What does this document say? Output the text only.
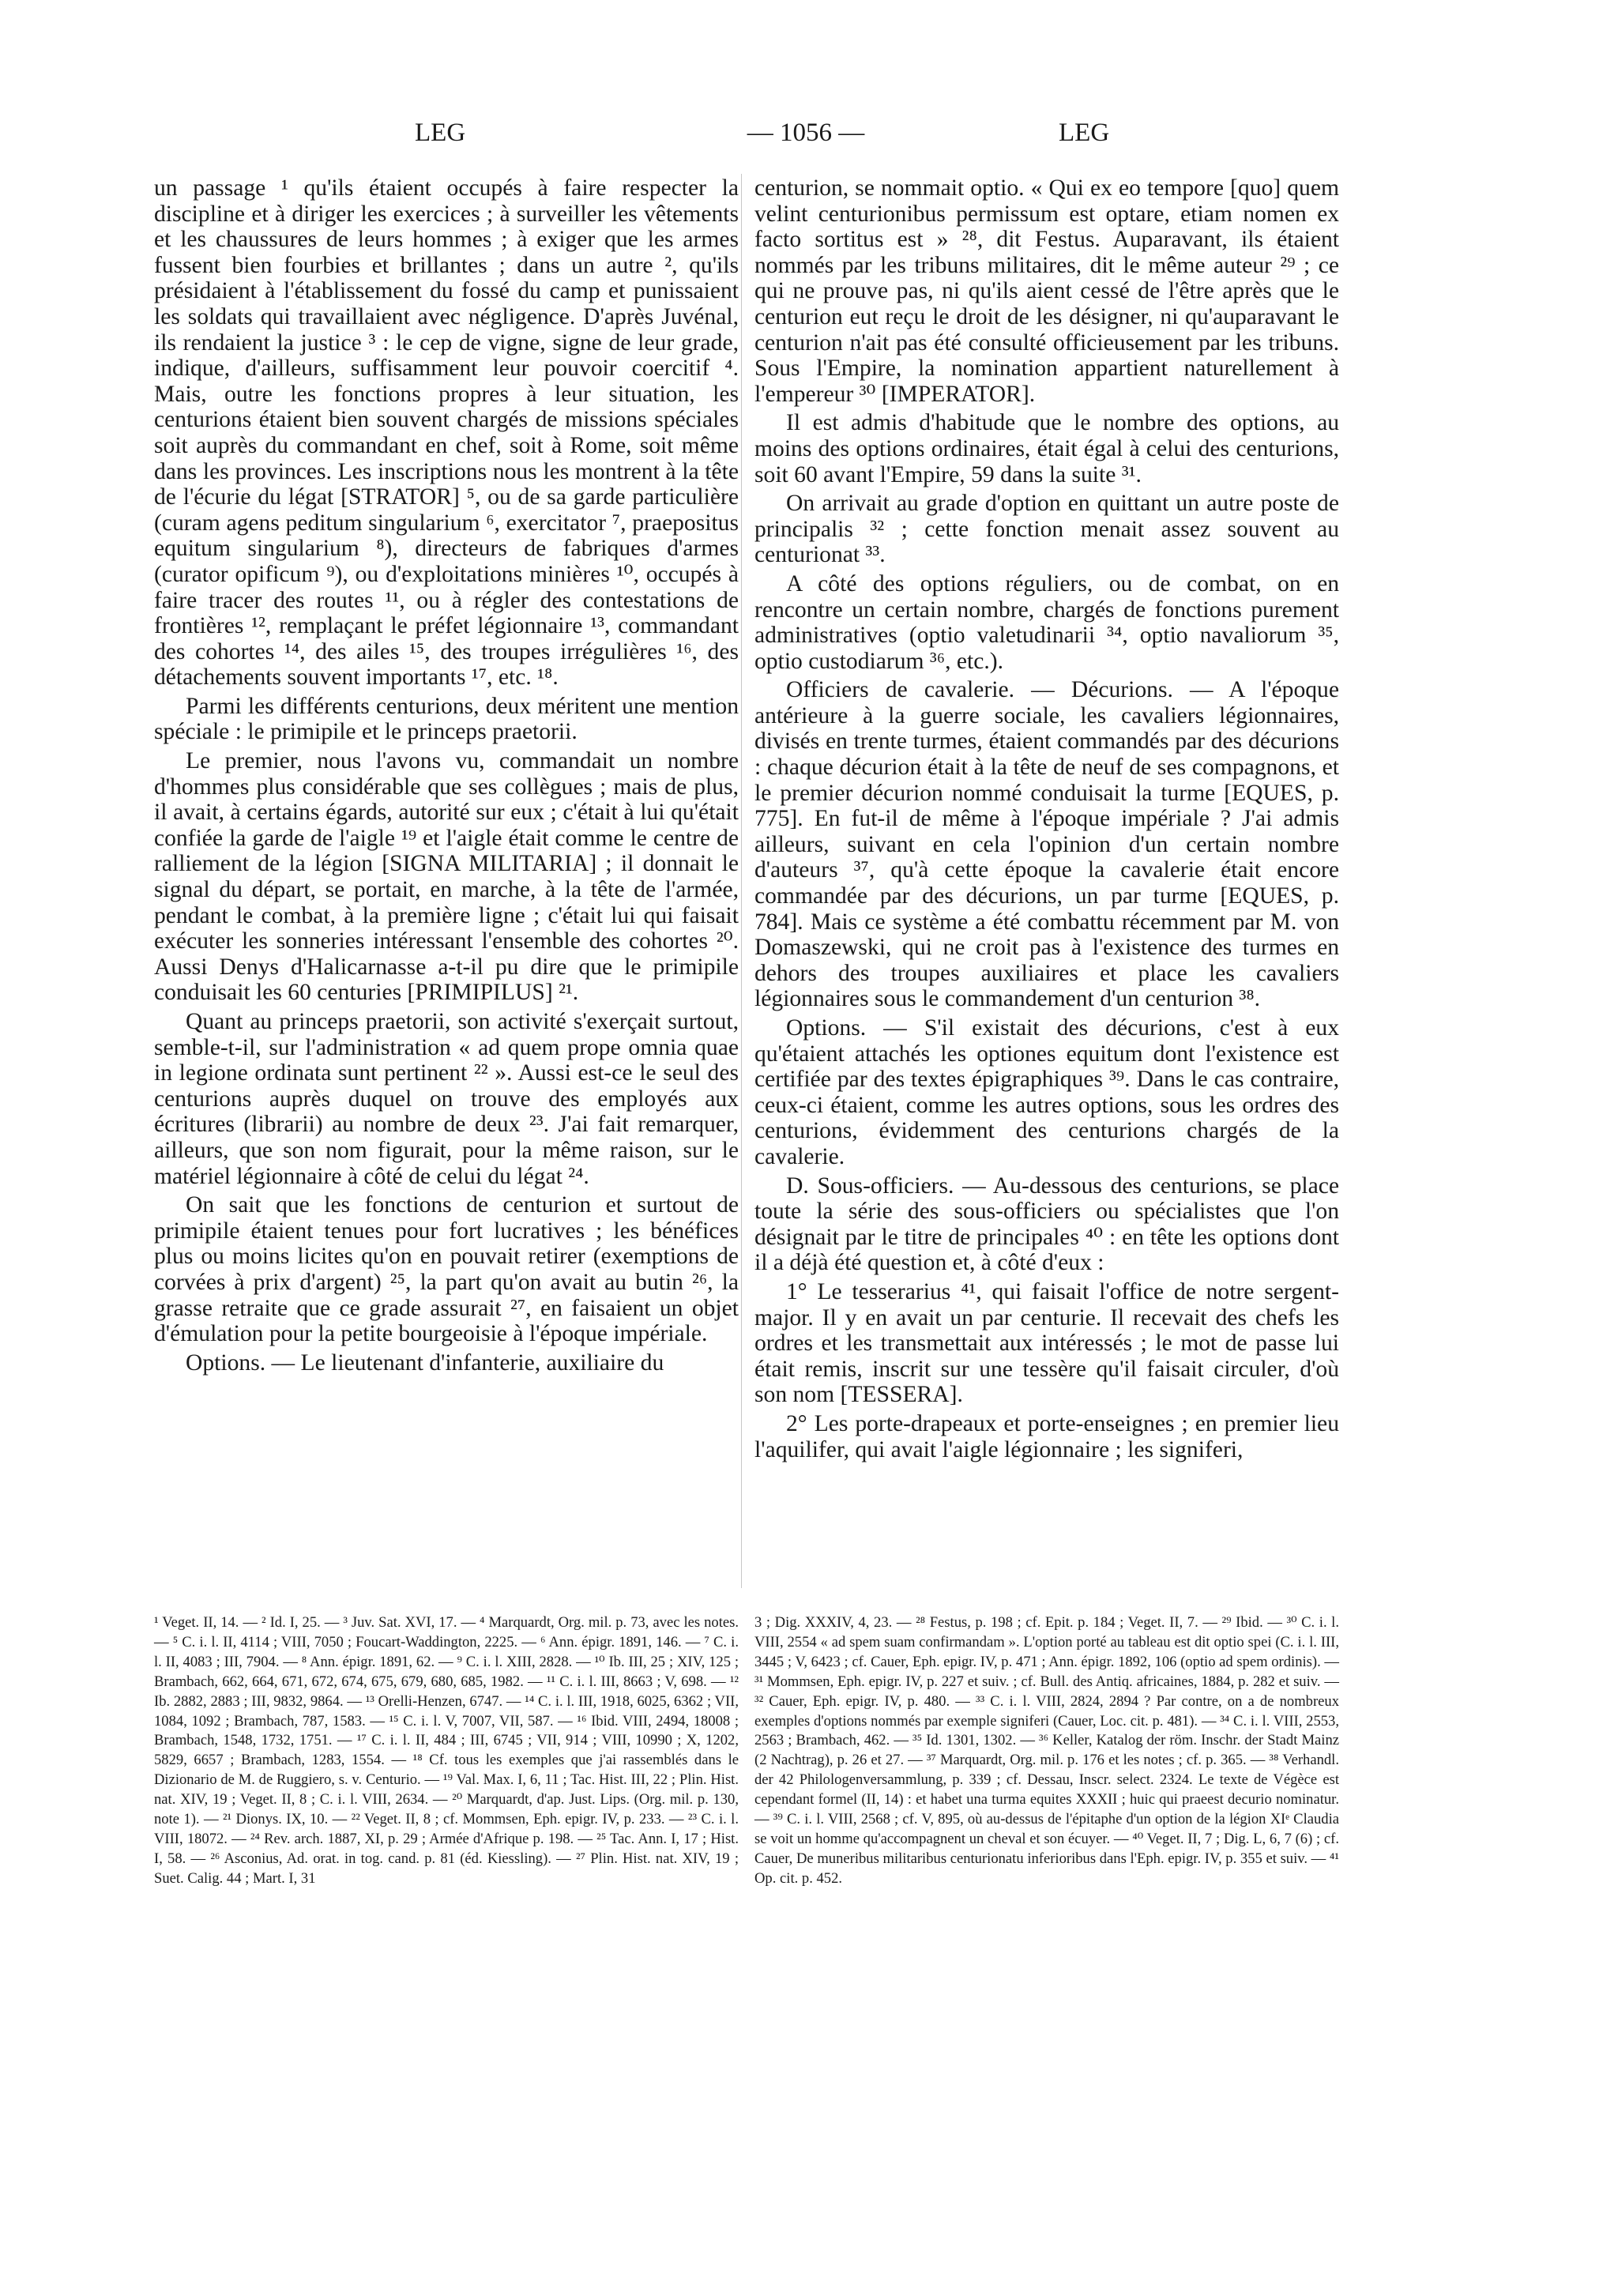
LEG	— 1056 —	LEG

un passage ¹ qu'ils étaient occupés à faire respecter la discipline et à diriger les exercices ; à surveiller les vêtements et les chaussures de leurs hommes ; à exiger que les armes fussent bien fourbies et brillantes ; dans un autre ², qu'ils présidaient à l'établissement du fossé du camp et punissaient les soldats qui travaillaient avec négligence. D'après Juvénal, ils rendaient la justice ³ : le cep de vigne, signe de leur grade, indique, d'ailleurs, suffisamment leur pouvoir coercitif ⁴. Mais, outre les fonctions propres à leur situation, les centurions étaient bien souvent chargés de missions spéciales soit auprès du commandant en chef, soit à Rome, soit même dans les provinces. Les inscriptions nous les montrent à la tête de l'écurie du légat [STRATOR] ⁵, ou de sa garde particulière (curam agens peditum singularium ⁶, exercitator ⁷, praepositus equitum singularium ⁸), directeurs de fabriques d'armes (curator opificum ⁹), ou d'exploitations minières ¹⁰, occupés à faire tracer des routes ¹¹, ou à régler des contestations de frontières ¹², remplaçant le préfet légionnaire ¹³, commandant des cohortes ¹⁴, des ailes ¹⁵, des troupes irrégulières ¹⁶, des détachements souvent importants ¹⁷, etc. ¹⁸.

Parmi les différents centurions, deux méritent une mention spéciale : le primipile et le princeps praetorii.

Le premier, nous l'avons vu, commandait un nombre d'hommes plus considérable que ses collègues ; mais de plus, il avait, à certains égards, autorité sur eux ; c'était à lui qu'était confiée la garde de l'aigle ¹⁹ et l'aigle était comme le centre de ralliement de la légion [SIGNA MILITARIA] ; il donnait le signal du départ, se portait, en marche, à la tête de l'armée, pendant le combat, à la première ligne ; c'était lui qui faisait exécuter les sonneries intéressant l'ensemble des cohortes ²⁰. Aussi Denys d'Halicarnasse a-t-il pu dire que le primipile conduisait les 60 centuries [PRIMIPILUS] ²¹.

Quant au princeps praetorii, son activité s'exerçait surtout, semble-t-il, sur l'administration « ad quem prope omnia quae in legione ordinata sunt pertinent ²² ». Aussi est-ce le seul des centurions auprès duquel on trouve des employés aux écritures (librarii) au nombre de deux ²³. J'ai fait remarquer, ailleurs, que son nom figurait, pour la même raison, sur le matériel légionnaire à côté de celui du légat ²⁴.

On sait que les fonctions de centurion et surtout de primipile étaient tenues pour fort lucratives ; les bénéfices plus ou moins licites qu'on en pouvait retirer (exemptions de corvées à prix d'argent) ²⁵, la part qu'on avait au butin ²⁶, la grasse retraite que ce grade assurait ²⁷, en faisaient un objet d'émulation pour la petite bourgeoisie à l'époque impériale.

Options. — Le lieutenant d'infanterie, auxiliaire du

centurion, se nommait optio. « Qui ex eo tempore [quo] quem velint centurionibus permissum est optare, etiam nomen ex facto sortitus est » ²⁸, dit Festus. Auparavant, ils étaient nommés par les tribuns militaires, dit le même auteur ²⁹ ; ce qui ne prouve pas, ni qu'ils aient cessé de l'être après que le centurion eut reçu le droit de les désigner, ni qu'auparavant le centurion n'ait pas été consulté officieusement par les tribuns. Sous l'Empire, la nomination appartient naturellement à l'empereur ³⁰ [IMPERATOR].

Il est admis d'habitude que le nombre des options, au moins des options ordinaires, était égal à celui des centurions, soit 60 avant l'Empire, 59 dans la suite ³¹.

On arrivait au grade d'option en quittant un autre poste de principalis ³² ; cette fonction menait assez souvent au centurionat ³³.

A côté des options réguliers, ou de combat, on en rencontre un certain nombre, chargés de fonctions purement administratives (optio valetudinarii ³⁴, optio navaliorum ³⁵, optio custodiarum ³⁶, etc.).

Officiers de cavalerie. — Décurions. — A l'époque antérieure à la guerre sociale, les cavaliers légionnaires, divisés en trente turmes, étaient commandés par des décurions : chaque décurion était à la tête de neuf de ses compagnons, et le premier décurion nommé conduisait la turme [EQUES, p. 775]. En fut-il de même à l'époque impériale ? J'ai admis ailleurs, suivant en cela l'opinion d'un certain nombre d'auteurs ³⁷, qu'à cette époque la cavalerie était encore commandée par des décurions, un par turme [EQUES, p. 784]. Mais ce système a été combattu récemment par M. von Domaszewski, qui ne croit pas à l'existence des turmes en dehors des troupes auxiliaires et place les cavaliers légionnaires sous le commandement d'un centurion ³⁸.

Options. — S'il existait des décurions, c'est à eux qu'étaient attachés les optiones equitum dont l'existence est certifiée par des textes épigraphiques ³⁹. Dans le cas contraire, ceux-ci étaient, comme les autres options, sous les ordres des centurions, évidemment des centurions chargés de la cavalerie.

D. Sous-officiers. — Au-dessous des centurions, se place toute la série des sous-officiers ou spécialistes que l'on désignait par le titre de principales ⁴⁰ : en tête les options dont il a déjà été question et, à côté d'eux :

1° Le tesserarius ⁴¹, qui faisait l'office de notre sergent-major. Il y en avait un par centurie. Il recevait des chefs les ordres et les transmettait aux intéressés ; le mot de passe lui était remis, inscrit sur une tessère qu'il faisait circuler, d'où son nom [TESSERA].

2° Les porte-drapeaux et porte-enseignes ; en premier lieu l'aquilifer, qui avait l'aigle légionnaire ; les signiferi,

¹ Veget. II, 14. — ² Id. I, 25. — ³ Juv. Sat. XVI, 17. — ⁴ Marquardt, Org. mil. p. 73, avec les notes. — ⁵ C. i. l. II, 4114 ; VIII, 7050 ; Foucart-Waddington, 2225. — ⁶ Ann. épigr. 1891, 146. — ⁷ C. i. l. II, 4083 ; III, 7904. — ⁸ Ann. épigr. 1891, 62. — ⁹ C. i. l. XIII, 2828. — ¹⁰ Ib. III, 25 ; XIV, 125 ; Brambach, 662, 664, 671, 672, 674, 675, 679, 680, 685, 1982. — ¹¹ C. i. l. III, 8663 ; V, 698. — ¹² Ib. 2882, 2883 ; III, 9832, 9864. — ¹³ Orelli-Henzen, 6747. — ¹⁴ C. i. l. III, 1918, 6025, 6362 ; VII, 1084, 1092 ; Brambach, 787, 1583. — ¹⁵ C. i. l. V, 7007, VII, 587. — ¹⁶ Ibid. VIII, 2494, 18008 ; Brambach, 1548, 1732, 1751. — ¹⁷ C. i. l. II, 484 ; III, 6745 ; VII, 914 ; VIII, 10990 ; X, 1202, 5829, 6657 ; Brambach, 1283, 1554. — ¹⁸ Cf. tous les exemples que j'ai rassemblés dans le Dizionario de M. de Ruggiero, s. v. Centurio. — ¹⁹ Val. Max. I, 6, 11 ; Tac. Hist. III, 22 ; Plin. Hist. nat. XIV, 19 ; Veget. II, 8 ; C. i. l. VIII, 2634. — ²⁰ Marquardt, d'ap. Just. Lips. (Org. mil. p. 130, note 1). — ²¹ Dionys. IX, 10. — ²² Veget. II, 8 ; cf. Mommsen, Eph. epigr. IV, p. 233. — ²³ C. i. l. VIII, 18072. — ²⁴ Rev. arch. 1887, XI, p. 29 ; Armée d'Afrique p. 198. — ²⁵ Tac. Ann. I, 17 ; Hist. I, 58. — ²⁶ Asconius, Ad. orat. in tog. cand. p. 81 (éd. Kiessling). — ²⁷ Plin. Hist. nat. XIV, 19 ; Suet. Calig. 44 ; Mart. I, 31
3 ; Dig. XXXIV, 4, 23. — ²⁸ Festus, p. 198 ; cf. Epit. p. 184 ; Veget. II, 7. — ²⁹ Ibid. — ³⁰ C. i. l. VIII, 2554 « ad spem suam confirmandam ». L'option porté au tableau est dit optio spei (C. i. l. III, 3445 ; V, 6423 ; cf. Cauer, Eph. epigr. IV, p. 471 ; Ann. épigr. 1892, 106 (optio ad spem ordinis). — ³¹ Mommsen, Eph. epigr. IV, p. 227 et suiv. ; cf. Bull. des Antiq. africaines, 1884, p. 282 et suiv. — ³² Cauer, Eph. epigr. IV, p. 480. — ³³ C. i. l. VIII, 2824, 2894 ? Par contre, on a de nombreux exemples d'options nommés par exemple signiferi (Cauer, Loc. cit. p. 481). — ³⁴ C. i. l. VIII, 2553, 2563 ; Brambach, 462. — ³⁵ Id. 1301, 1302. — ³⁶ Keller, Katalog der röm. Inschr. der Stadt Mainz (2 Nachtrag), p. 26 et 27. — ³⁷ Marquardt, Org. mil. p. 176 et les notes ; cf. p. 365. — ³⁸ Verhandl. der 42 Philologenversammlung, p. 339 ; cf. Dessau, Inscr. select. 2324. Le texte de Végèce est cependant formel (II, 14) : et habet una turma equites XXXII ; huic qui praeest decurio nominatur. — ³⁹ C. i. l. VIII, 2568 ; cf. V, 895, où au-dessus de l'épitaphe d'un option de la légion XIᵉ Claudia se voit un homme qu'accompagnent un cheval et son écuyer. — ⁴⁰ Veget. II, 7 ; Dig. L, 6, 7 (6) ; cf. Cauer, De muneribus militaribus centurionatu inferioribus dans l'Eph. epigr. IV, p. 355 et suiv. — ⁴¹ Op. cit. p. 452.
